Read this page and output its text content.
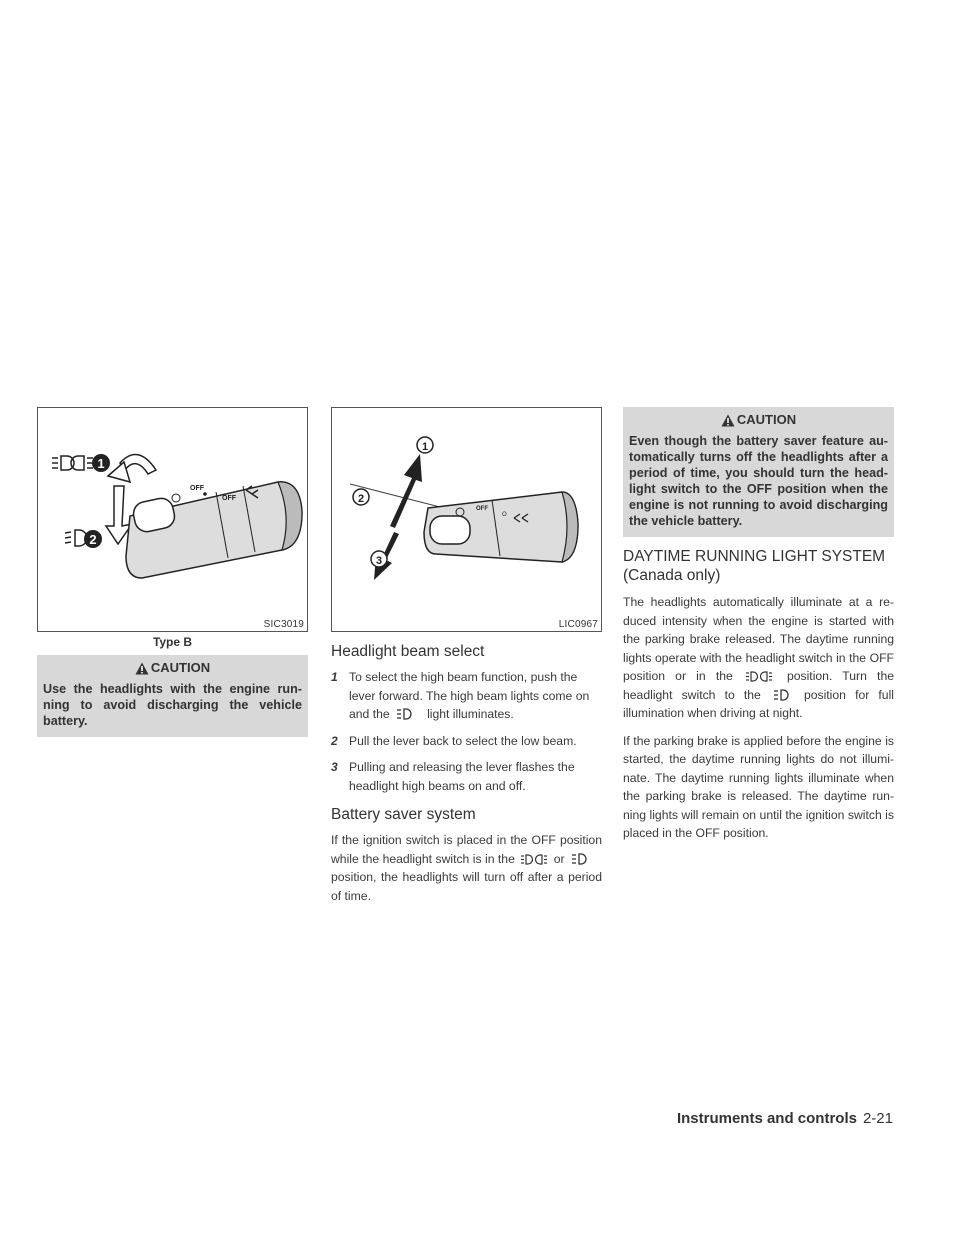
1
2
OFF
OFF
SIC3019
Type B
CAUTION
Use the headlights with the engine run-ning to avoid discharging the vehicle battery.
1
2
3
OFF
O
LIC0967
Headlight beam select
1 To select the high beam function, push the lever forward. The high beam lights come on and the	light illuminates.
2 Pull the lever back to select the low beam.
3 Pulling and releasing the lever flashes the headlight high beams on and off.
Battery saver system

If the ignition switch is placed in the OFF position while the headlight switch is in the	or position, the headlights will turn off after a period of time.

CAUTION
Even though the battery saver feature au-tomatically turns off the headlights after a period of time, you should turn the head-light switch to the OFF position when the engine is not running to avoid discharging the vehicle battery.
DAYTIME RUNNING LIGHT SYSTEM
(Canada only)

The headlights automatically illuminate at a re-duced intensity when the engine is started with the parking brake released. The daytime running lights operate with the headlight switch in the OFF position or in the	position. Turn the headlight switch to the	position for full illumination when driving at night.

If the parking brake is applied before the engine is started, the daytime running lights do not illumi-nate. The daytime running lights illuminate when the parking brake is released. The daytime run-ning lights will remain on until the ignition switch is placed in the OFF position.

Instruments and controls 2-21
